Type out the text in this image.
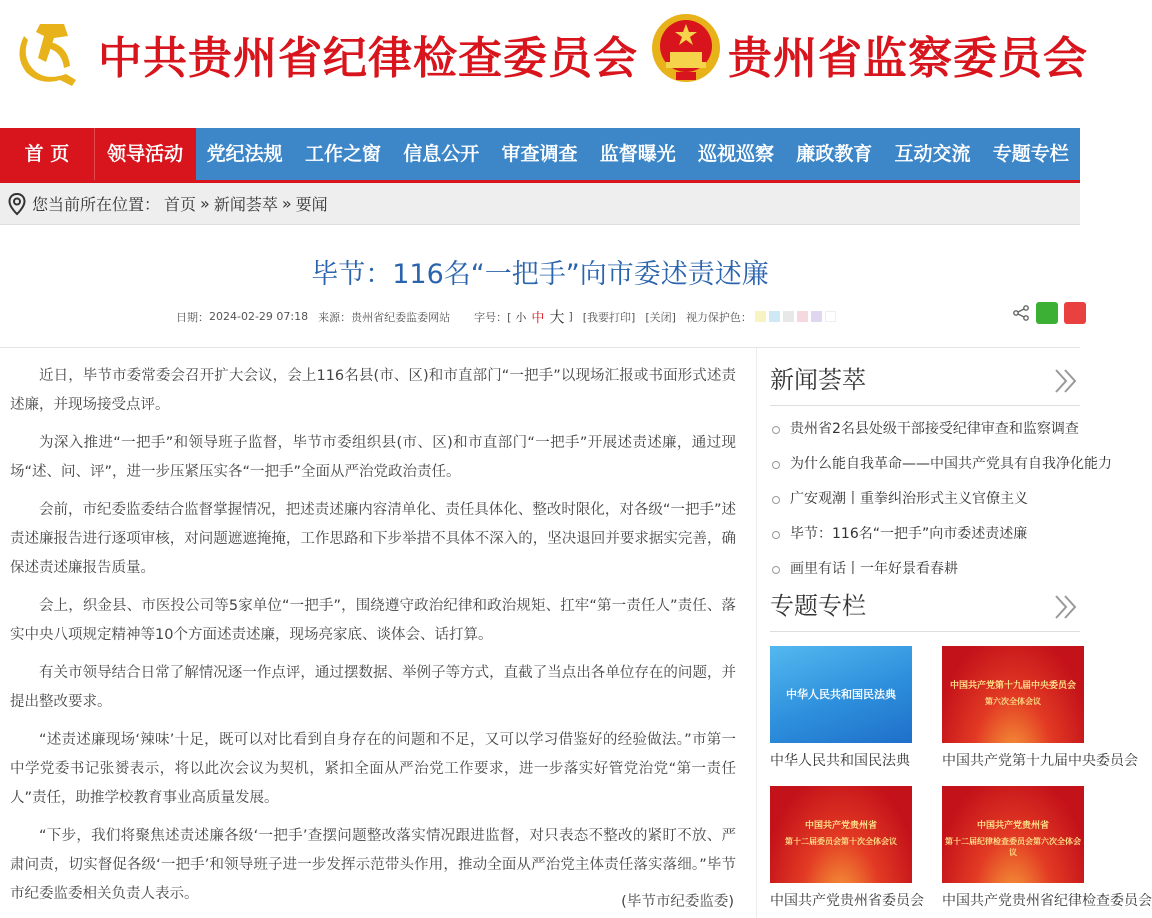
中共贵州省纪律检查委员会 贵州省监察委员会
首 页	领导活动	党纪法规	工作之窗	信息公开	审查调查	监督曝光	巡视巡察	廉政教育	互动交流	专题专栏
您当前所在位置： 首页 » 新闻荟萃 » 要闻
毕节：116名“一把手”向市委述责述廉
日期： 2024-02-29 07:18 来源： 贵州省纪委监委网站 字号：[ 小 中 大 ] [我要打印] [关闭] 视力保护色：

近日，毕节市委常委会召开扩大会议，会上116名县(市、区)和市直部门“一把手”以现场汇报或书面形式述责述廉，并现场接受点评。

为深入推进“一把手”和领导班子监督，毕节市委组织县(市、区)和市直部门“一把手”开展述责述廉，通过现场“述、问、评”，进一步压紧压实各“一把手”全面从严治党政治责任。

会前，市纪委监委结合监督掌握情况，把述责述廉内容清单化、责任具体化、整改时限化，对各级“一把手”述责述廉报告进行逐项审核，对问题遮遮掩掩，工作思路和下步举措不具体不深入的，坚决退回并要求据实完善，确保述责述廉报告质量。

会上，织金县、市医投公司等5家单位“一把手”，围绕遵守政治纪律和政治规矩、扛牢“第一责任人”责任、落实中央八项规定精神等10个方面述责述廉，现场亮家底、谈体会、话打算。

有关市领导结合日常了解情况逐一作点评，通过摆数据、举例子等方式，直截了当点出各单位存在的问题，并提出整改要求。

“述责述廉现场‘辣味’十足，既可以对比看到自身存在的问题和不足，又可以学习借鉴好的经验做法。”市第一中学党委书记张赟表示，将以此次会议为契机，紧扣全面从严治党工作要求，进一步落实好管党治党“第一责任人”责任，助推学校教育事业高质量发展。

“下步，我们将聚焦述责述廉各级‘一把手’查摆问题整改落实情况跟进监督，对只表态不整改的紧盯不放、严肃问责，切实督促各级‘一把手’和领导班子进一步发挥示范带头作用，推动全面从严治党主体责任落实落细。”毕节市纪委监委相关负责人表示。	(毕节市纪委监委)
新闻荟萃
贵州省2名县处级干部接受纪律审查和监察调查
为什么能自我革命——中国共产党具有自我净化能力
广安观潮丨重拳纠治形式主义官僚主义
毕节：116名“一把手”向市委述责述廉
画里有话丨一年好景看春耕
专题专栏
中华人民共和国民法典
中华人民共和国民法典
中国共产党第十九届中央委员会
第六次全体会议
中国共产党第十九届中央委员会
中国共产党贵州省
第十二届委员会第十次全体会议
中国共产党贵州省委员会
中国共产党贵州省
第十二届纪律检查委员会第六次全体会议
中国共产党贵州省纪律检查委员会
